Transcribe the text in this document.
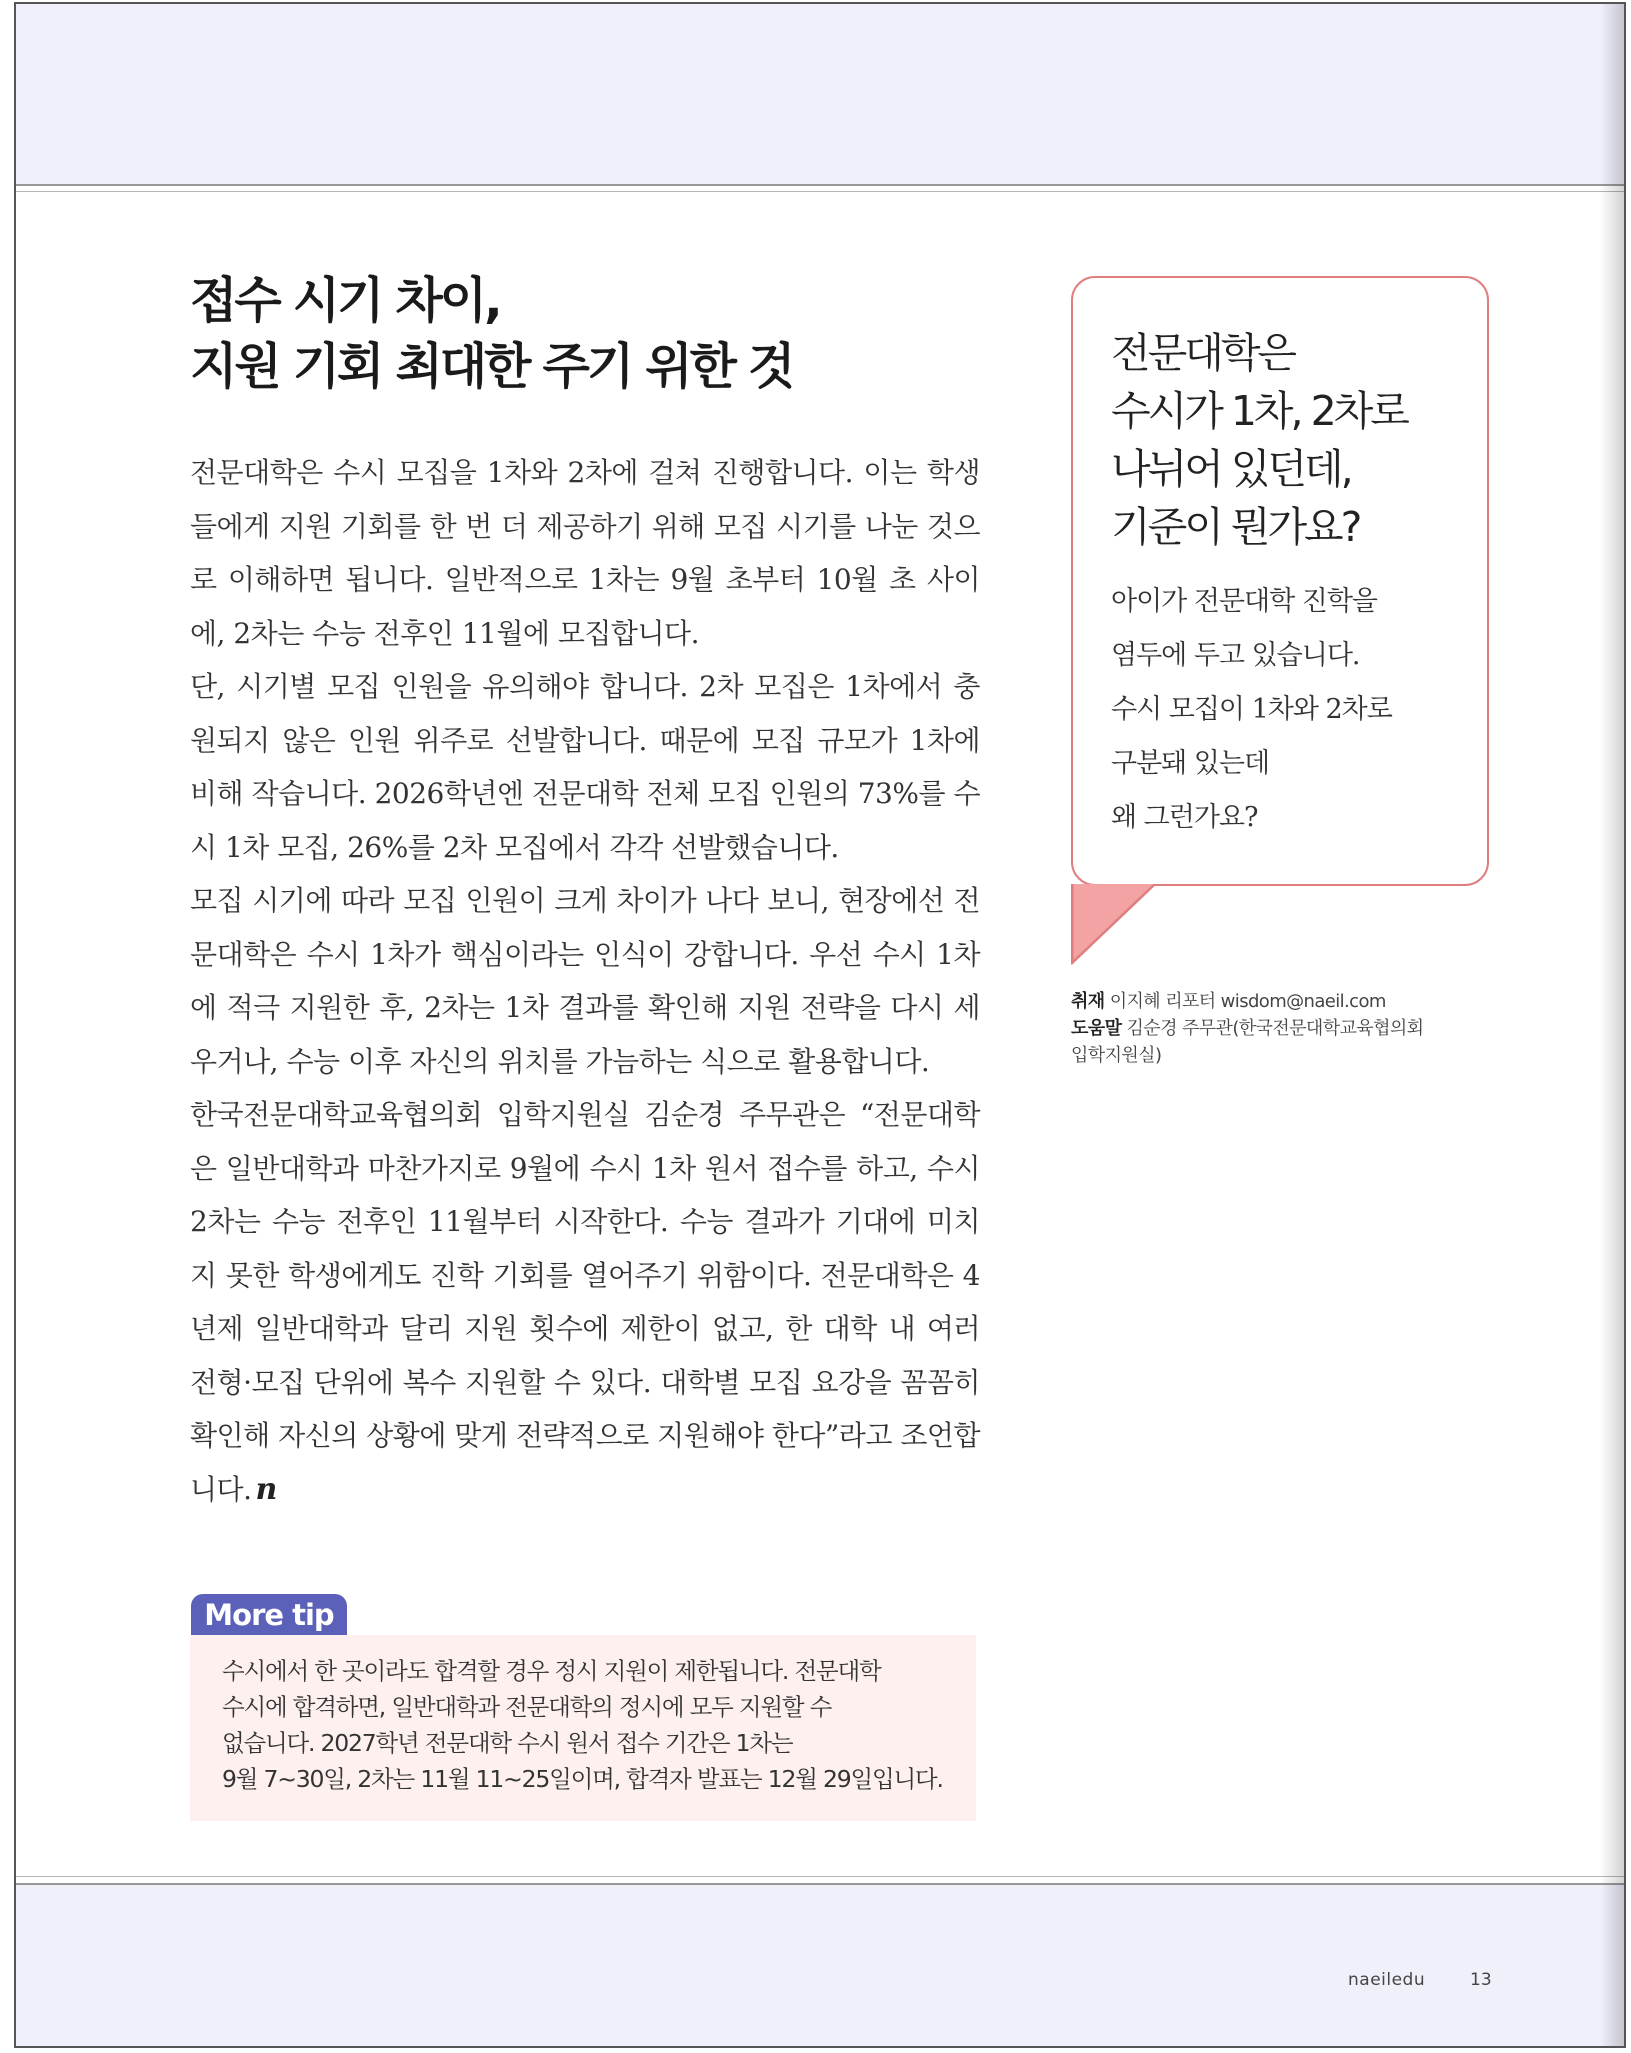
접수 시기 차이,
지원 기회 최대한 주기 위한 것

전문대학은 수시 모집을 1차와 2차에 걸쳐 진행합니다. 이는 학생들에게 지원 기회를 한 번 더 제공하기 위해 모집 시기를 나눈 것으로 이해하면 됩니다. 일반적으로 1차는 9월 초부터 10월 초 사이에, 2차는 수능 전후인 11월에 모집합니다.

단, 시기별 모집 인원을 유의해야 합니다. 2차 모집은 1차에서 충원되지 않은 인원 위주로 선발합니다. 때문에 모집 규모가 1차에 비해 작습니다. 2026학년엔 전문대학 전체 모집 인원의 73%를 수시 1차 모집, 26%를 2차 모집에서 각각 선발했습니다.

모집 시기에 따라 모집 인원이 크게 차이가 나다 보니, 현장에선 전문대학은 수시 1차가 핵심이라는 인식이 강합니다. 우선 수시 1차에 적극 지원한 후, 2차는 1차 결과를 확인해 지원 전략을 다시 세우거나, 수능 이후 자신의 위치를 가늠하는 식으로 활용합니다.

한국전문대학교육협의회 입학지원실 김순경 주무관은 “전문대학은 일반대학과 마찬가지로 9월에 수시 1차 원서 접수를 하고, 수시 2차는 수능 전후인 11월부터 시작한다. 수능 결과가 기대에 미치지 못한 학생에게도 진학 기회를 열어주기 위함이다. 전문대학은 4년제 일반대학과 달리 지원 횟수에 제한이 없고, 한 대학 내 여러 전형·모집 단위에 복수 지원할 수 있다. 대학별 모집 요강을 꼼꼼히 확인해 자신의 상황에 맞게 전략적으로 지원해야 한다”라고 조언합니다. n

More tip

수시에서 한 곳이라도 합격할 경우 정시 지원이 제한됩니다. 전문대학
수시에 합격하면, 일반대학과 전문대학의 정시에 모두 지원할 수
없습니다. 2027학년 전문대학 수시 원서 접수 기간은 1차는
9월 7~30일, 2차는 11월 11~25일이며, 합격자 발표는 12월 29일입니다.

전문대학은
수시가 1차, 2차로
나뉘어 있던데,
기준이 뭔가요?
아이가 전문대학 진학을
염두에 두고 있습니다.
수시 모집이 1차와 2차로
구분돼 있는데
왜 그런가요?
취재 이지혜 리포터 wisdom@naeil.com
도움말 김순경 주무관(한국전문대학교육협의회
입학지원실)
naeiledu	13
